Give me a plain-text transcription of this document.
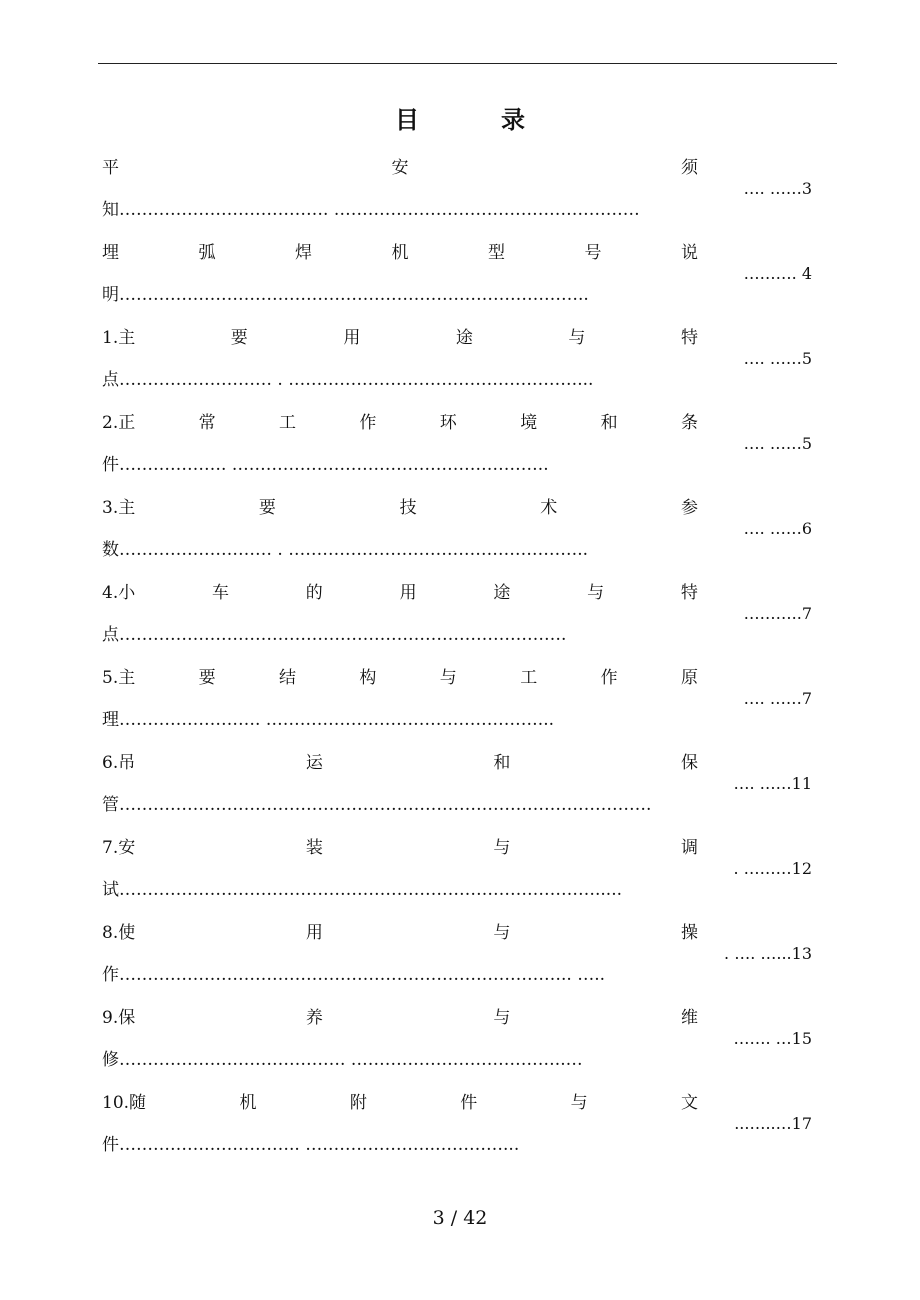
目	录
平	安	须
知………………………………. ………………………………………………
…. ……3
埋	弧	焊	机	型	号	说
明………………………………………………………………………..
………. 4
1.主	要	用	途	与	特
点……………………… . ……………………………………………...
…. ……5
2.正	常	工	作	环	境	和	条
件………………. ………………………………………………..
…. ……5
3.主	要	技	术	参
数……………………… . ……………………………………………..
…. ……6
4.小	车	的	用	途	与	特
点…………………………………………………………………….
………..7
5.主	要	结	构	与	工	作	原
理……………………. …………………………………………...
…. ……7
6.吊	运	和	保
管………………………………………………………………………………….
…. ……11
7.安	装	与	调
试………………………………………………………………………….....
. ………12
8.使	用	与	操
作…………………………………………………………………….. …..
. …. …...13
9.保	养	与	维
修…………………………………. ………………………………..…
……. …15
10.随	机	附	件	与	文
件………………………….. …………………..…………...
...…..…17
3 / 42
